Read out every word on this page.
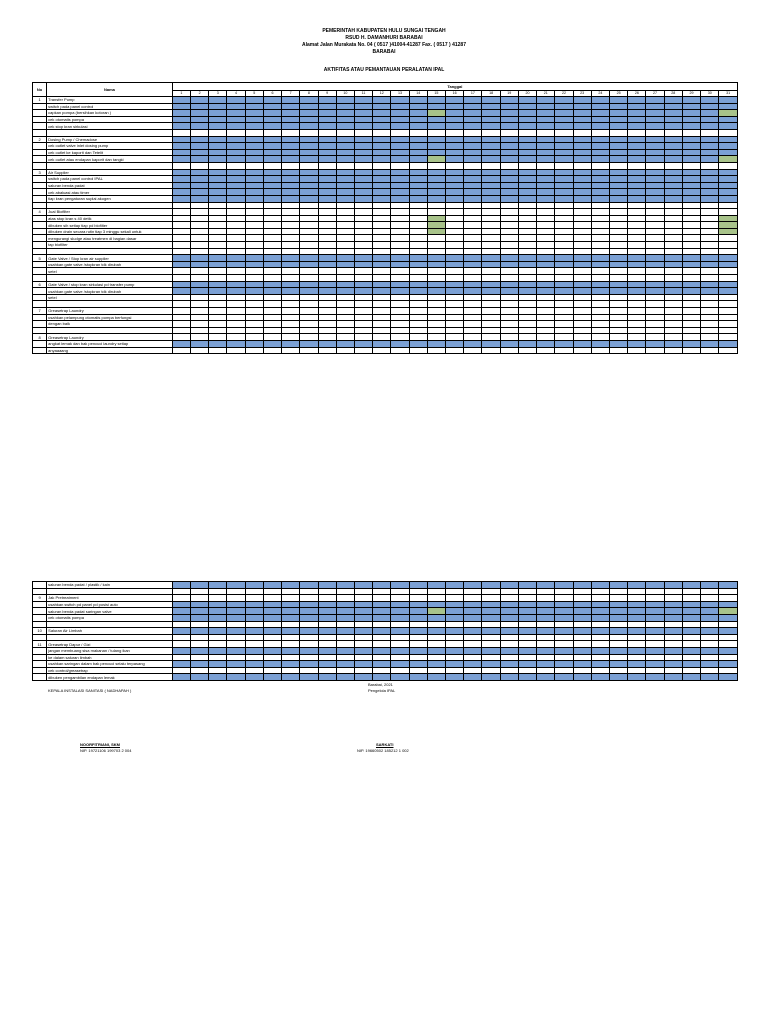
PEMERINTAH KABUPATEN HULU SUNGAI TENGAH
RSUD H. DAMANHURI BARABAI
Alamat Jalan Murakata No. 04 ( 0517 )41004-41287 Fax. ( 0517 ) 41287
BARABAI
AKTIFITAS ATAU PEMANTAUAN PERALATAN IPAL
No	Nama	Tanggal																														
		1	2	3	4	5	6	7	8	9	10	11	12	13	14	15	16	17	18	19	20	21	22	23	24	25	26	27	28	29	30	31
1	Transfer Pump																															
	switch pada panel control																															
	capkan pompa (bersihkan kotoran )																															
	cek otomatis pompa																															
	cek stop kran sirkulasi																															

2	Dosing Pump / Chemadose																															
	cek outlet valve inlet dosing pump																															
	cek outlet ke kaporit dan Tetelit																															
	cek outlet atau endapan kaporit dan tangki																															

3	Air Supplier																															
	switch pada panel control IPAL																															
	saluran benda padat																															
	cek abaluasi atau timer																															
	tiap kran pengaturan suplai akogen																															

4	Jual Biofilter																															
	atas stop kran s 40 detik																															
	dibuken sih setiap tiap pd biofilter																															
	dibuken drain secara rutin tiap 3 minggu sekali untuk																															
	mengurangi sludge atau treatmen di bagian dasar																															
	tap biofilter																															

5	Gate Valve / Stop kran air supplier																															
	usahkan gate valve /stopkran tdk dirubah																															
	setel																															

6	Gate Valve / stop kran sirkulasi pd transfer pump																															
	usahkan gate valve /stopkran tdk dirubah																															
	setel																															

7	Greasetrap Laundry																															
	usahkan pelampung otomatis pompa berfungsi																															
	dengan baik																															

8	Greasetrap Laundry																															
	angkat lemak dan bak pencuci laundry setiap																															
	anyaaaang																															
	saluran benda padat / plastik / kain																															

9	Jak Pretreatment																															
	usahkan switch pd panel pd posisi auto																															
	saluran benda padat saringan valve																															
	cek otomatis pompa																															

10	Saluran Air Limbah																															

11	Greasetrap Dapur / Gizi																															
	jangan membuang sisa makanan / tulang ikan																															
	ke dalam saluran limbah																															
	usahkan saringan dalam bak pencuci selalu terpasang																															
	cek control/greasetrap																															
	dibuken pengambilan endapan lemak																															
Barabai, 2021
KEPALA INSTALASI SANITASI ( NADHAPAH )	Pengelola IPAL
NOORFITRIANI, SKM
NIP. 19721106 199703 2 004
SARKATI
NIP. 19660502 185212 1 002
